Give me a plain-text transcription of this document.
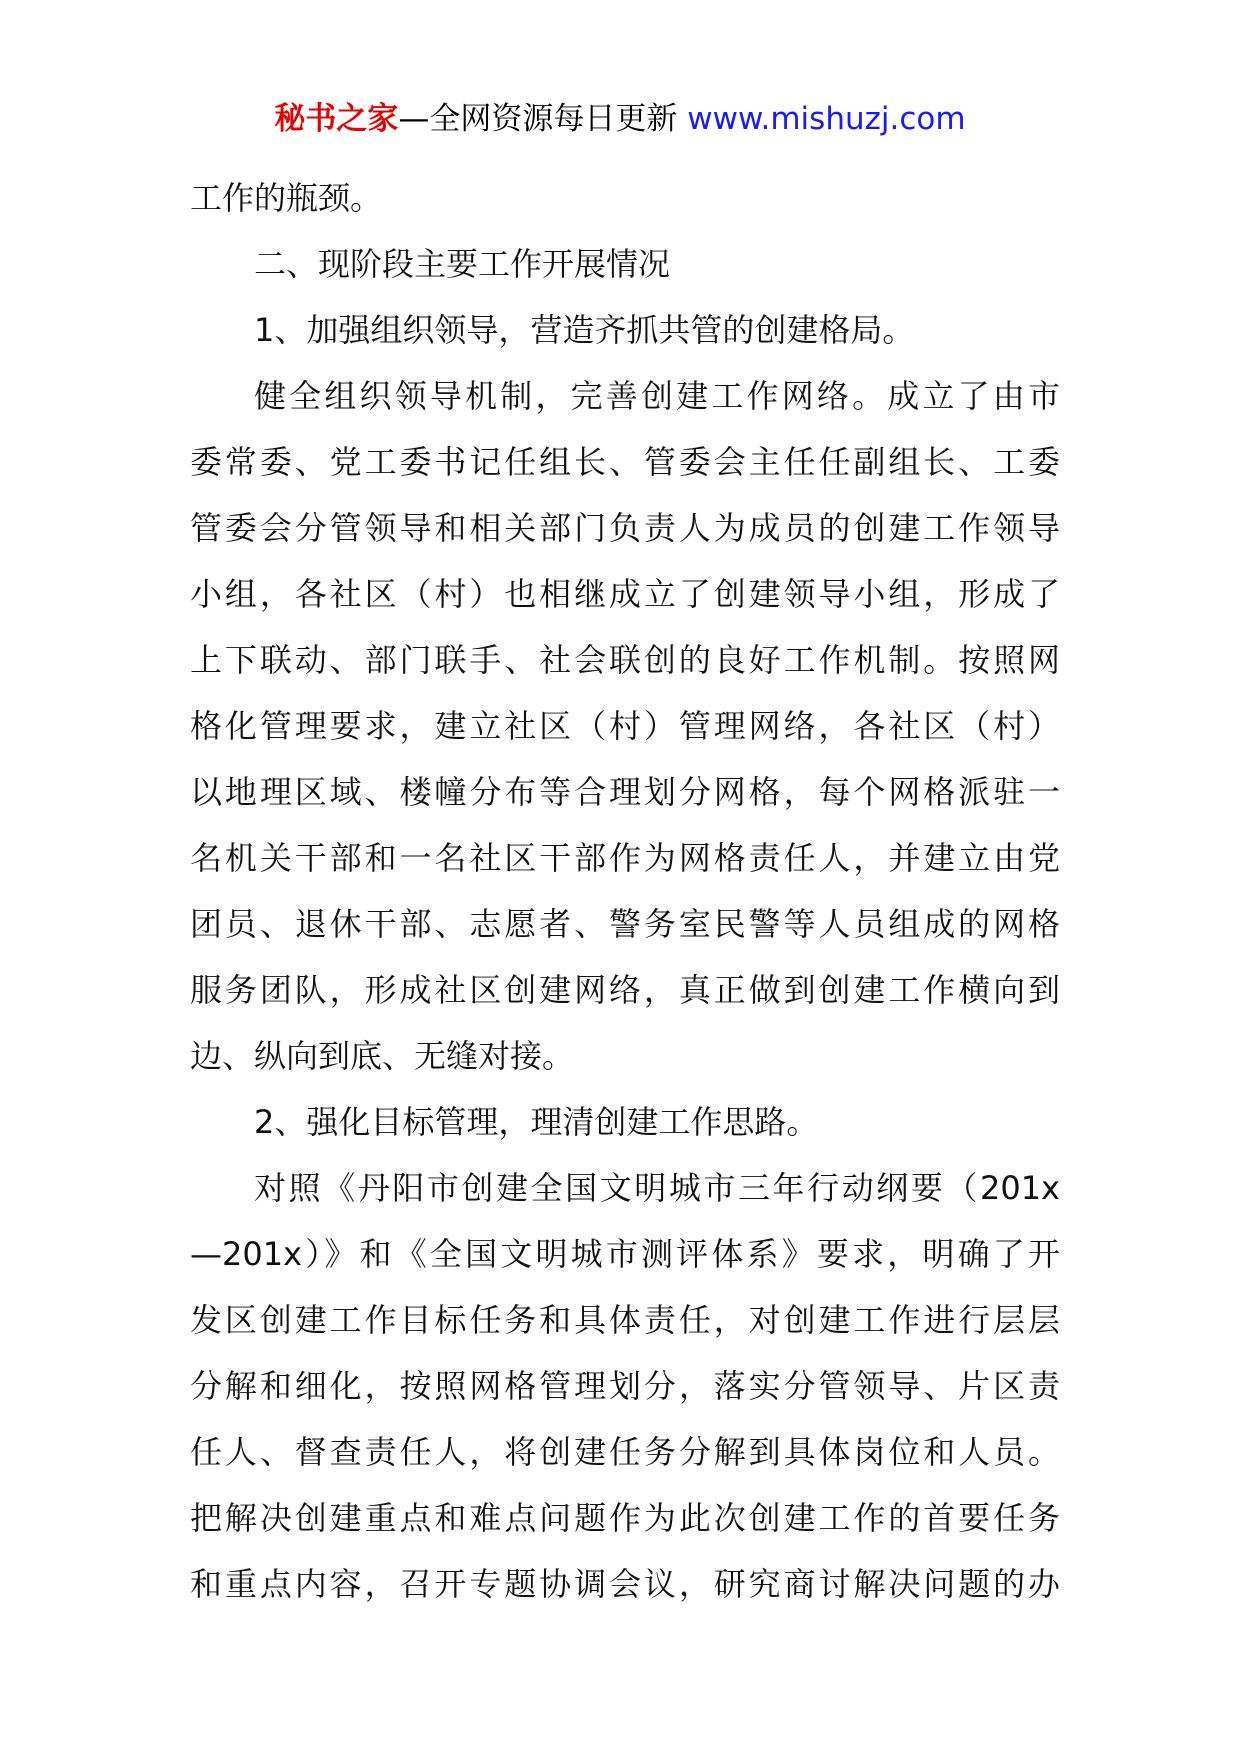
秘书之家—全网资源每日更新 www.mishuzj.com

工作的瓶颈。

二、现阶段主要工作开展情况

1、加强组织领导，营造齐抓共管的创建格局。

健全组织领导机制，完善创建工作网络。成立了由市
委常委、党工委书记任组长、管委会主任任副组长、工委
管委会分管领导和相关部门负责人为成员的创建工作领导
小组，各社区（村）也相继成立了创建领导小组，形成了
上下联动、部门联手、社会联创的良好工作机制。按照网
格化管理要求，建立社区（村）管理网络，各社区（村）
以地理区域、楼幢分布等合理划分网格，每个网格派驻一
名机关干部和一名社区干部作为网格责任人，并建立由党
团员、退休干部、志愿者、警务室民警等人员组成的网格
服务团队，形成社区创建网络，真正做到创建工作横向到
边、纵向到底、无缝对接。

2、强化目标管理，理清创建工作思路。

对照《丹阳市创建全国文明城市三年行动纲要（201x
—201x）》和《全国文明城市测评体系》要求，明确了开
发区创建工作目标任务和具体责任，对创建工作进行层层
分解和细化，按照网格管理划分，落实分管领导、片区责
任人、督查责任人，将创建任务分解到具体岗位和人员。
把解决创建重点和难点问题作为此次创建工作的首要任务
和重点内容，召开专题协调会议，研究商讨解决问题的办
